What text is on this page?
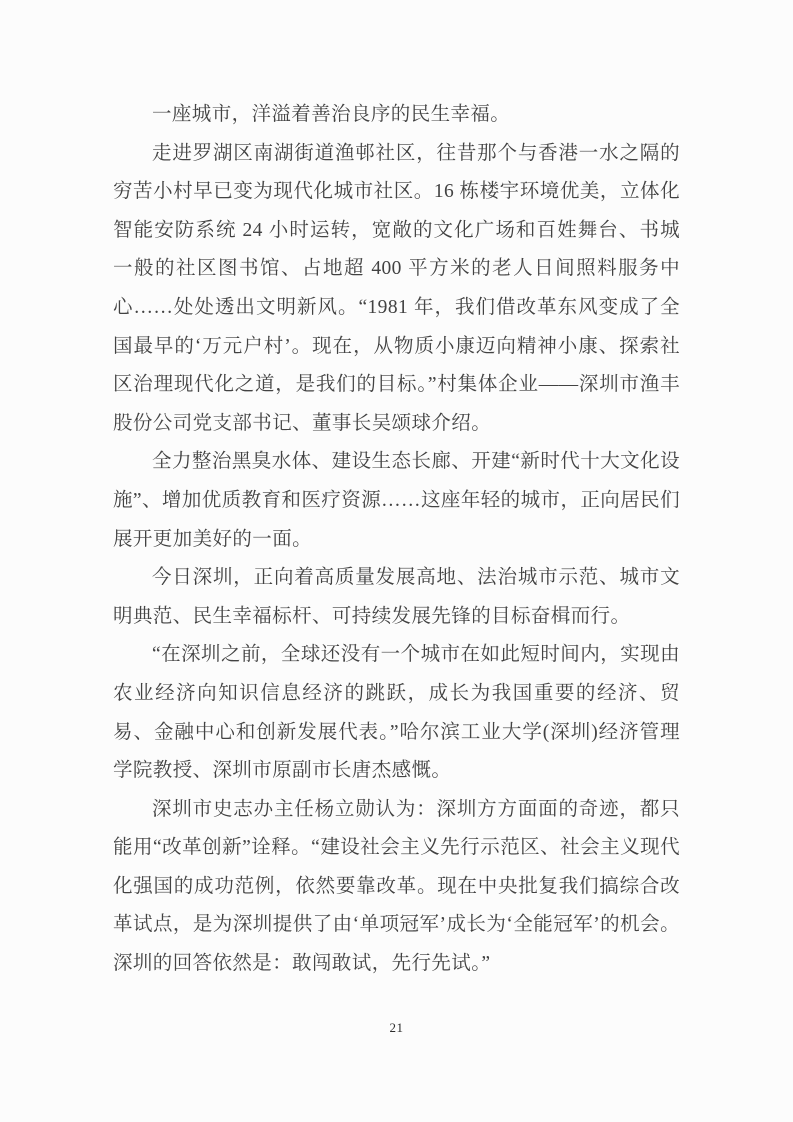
一座城市，洋溢着善治良序的民生幸福。

走进罗湖区南湖街道渔邨社区，往昔那个与香港一水之隔的穷苦小村早已变为现代化城市社区。16 栋楼宇环境优美，立体化智能安防系统 24 小时运转，宽敞的文化广场和百姓舞台、书城一般的社区图书馆、占地超 400 平方米的老人日间照料服务中心……处处透出文明新风。“1981 年，我们借改革东风变成了全国最早的‘万元户村’。现在，从物质小康迈向精神小康、探索社区治理现代化之道，是我们的目标。”村集体企业——深圳市渔丰股份公司党支部书记、董事长吴颂球介绍。

全力整治黑臭水体、建设生态长廊、开建“新时代十大文化设施”、增加优质教育和医疗资源……这座年轻的城市，正向居民们展开更加美好的一面。

今日深圳，正向着高质量发展高地、法治城市示范、城市文明典范、民生幸福标杆、可持续发展先锋的目标奋楫而行。

“在深圳之前，全球还没有一个城市在如此短时间内，实现由农业经济向知识信息经济的跳跃，成长为我国重要的经济、贸易、金融中心和创新发展代表。”哈尔滨工业大学(深圳)经济管理学院教授、深圳市原副市长唐杰感慨。

深圳市史志办主任杨立勋认为：深圳方方面面的奇迹，都只能用“改革创新”诠释。“建设社会主义先行示范区、社会主义现代化强国的成功范例，依然要靠改革。现在中央批复我们搞综合改革试点，是为深圳提供了由‘单项冠军’成长为‘全能冠军’的机会。深圳的回答依然是：敢闯敢试，先行先试。”

21
